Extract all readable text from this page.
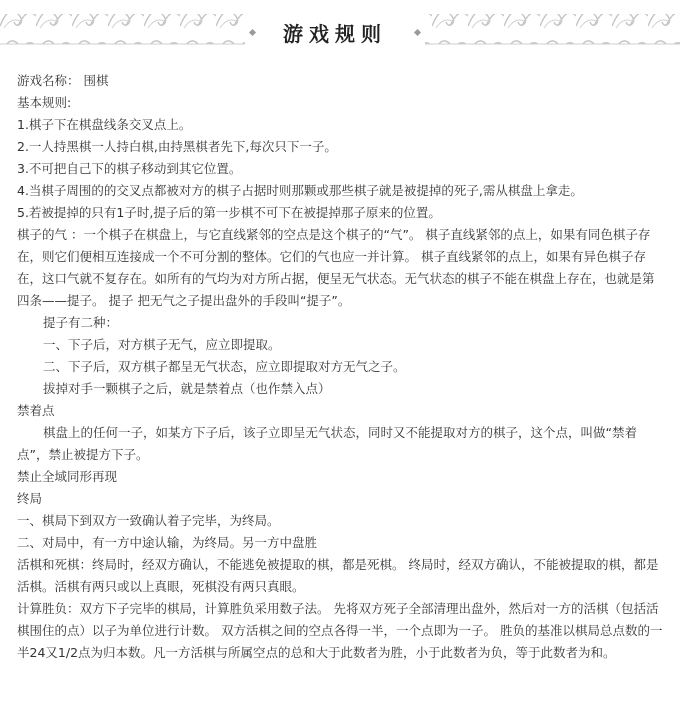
游戏规则
游戏名称： 围棋
基本规则:
1.棋子下在棋盘线条交叉点上。
2.一人持黑棋一人持白棋,由持黑棋者先下,每次只下一子。
3.不可把自己下的棋子移动到其它位置。
4.当棋子周围的的交叉点都被对方的棋子占据时则那颗或那些棋子就是被提掉的死子,需从棋盘上拿走。
5.若被提掉的只有1子时,提子后的第一步棋不可下在被提掉那子原来的位置。
棋子的气 ：一个棋子在棋盘上，与它直线紧邻的空点是这个棋子的“气”。 棋子直线紧邻的点上，如果有同色棋子存在，则它们便相互连接成一个不可分割的整体。它们的气也应一并计算。 棋子直线紧邻的点上，如果有异色棋子存在，这口气就不复存在。如所有的气均为对方所占据，便呈无气状态。无气状态的棋子不能在棋盘上存在，也就是第四条——提子。 提子 把无气之子提出盘外的手段叫“提子”。
提子有二种：
一、下子后，对方棋子无气，应立即提取。
二、下子后，双方棋子都呈无气状态，应立即提取对方无气之子。
拔掉对手一颗棋子之后，就是禁着点（也作禁入点）
禁着点
棋盘上的任何一子，如某方下子后，该子立即呈无气状态，同时又不能提取对方的棋子，这个点，叫做“禁着点”，禁止被提方下子。
禁止全域同形再现
终局
一、棋局下到双方一致确认着子完毕，为终局。
二、对局中，有一方中途认输，为终局。另一方中盘胜
活棋和死棋：终局时，经双方确认，不能逃免被提取的棋，都是死棋。 终局时，经双方确认，不能被提取的棋，都是活棋。活棋有两只或以上真眼，死棋没有两只真眼。
计算胜负：双方下子完毕的棋局，计算胜负采用数子法。 先将双方死子全部清理出盘外，然后对一方的活棋（包括活棋围住的点）以子为单位进行计数。 双方活棋之间的空点各得一半，一个点即为一子。 胜负的基准以棋局总点数的一半24又1/2点为归本数。凡一方活棋与所属空点的总和大于此数者为胜，小于此数者为负，等于此数者为和。
